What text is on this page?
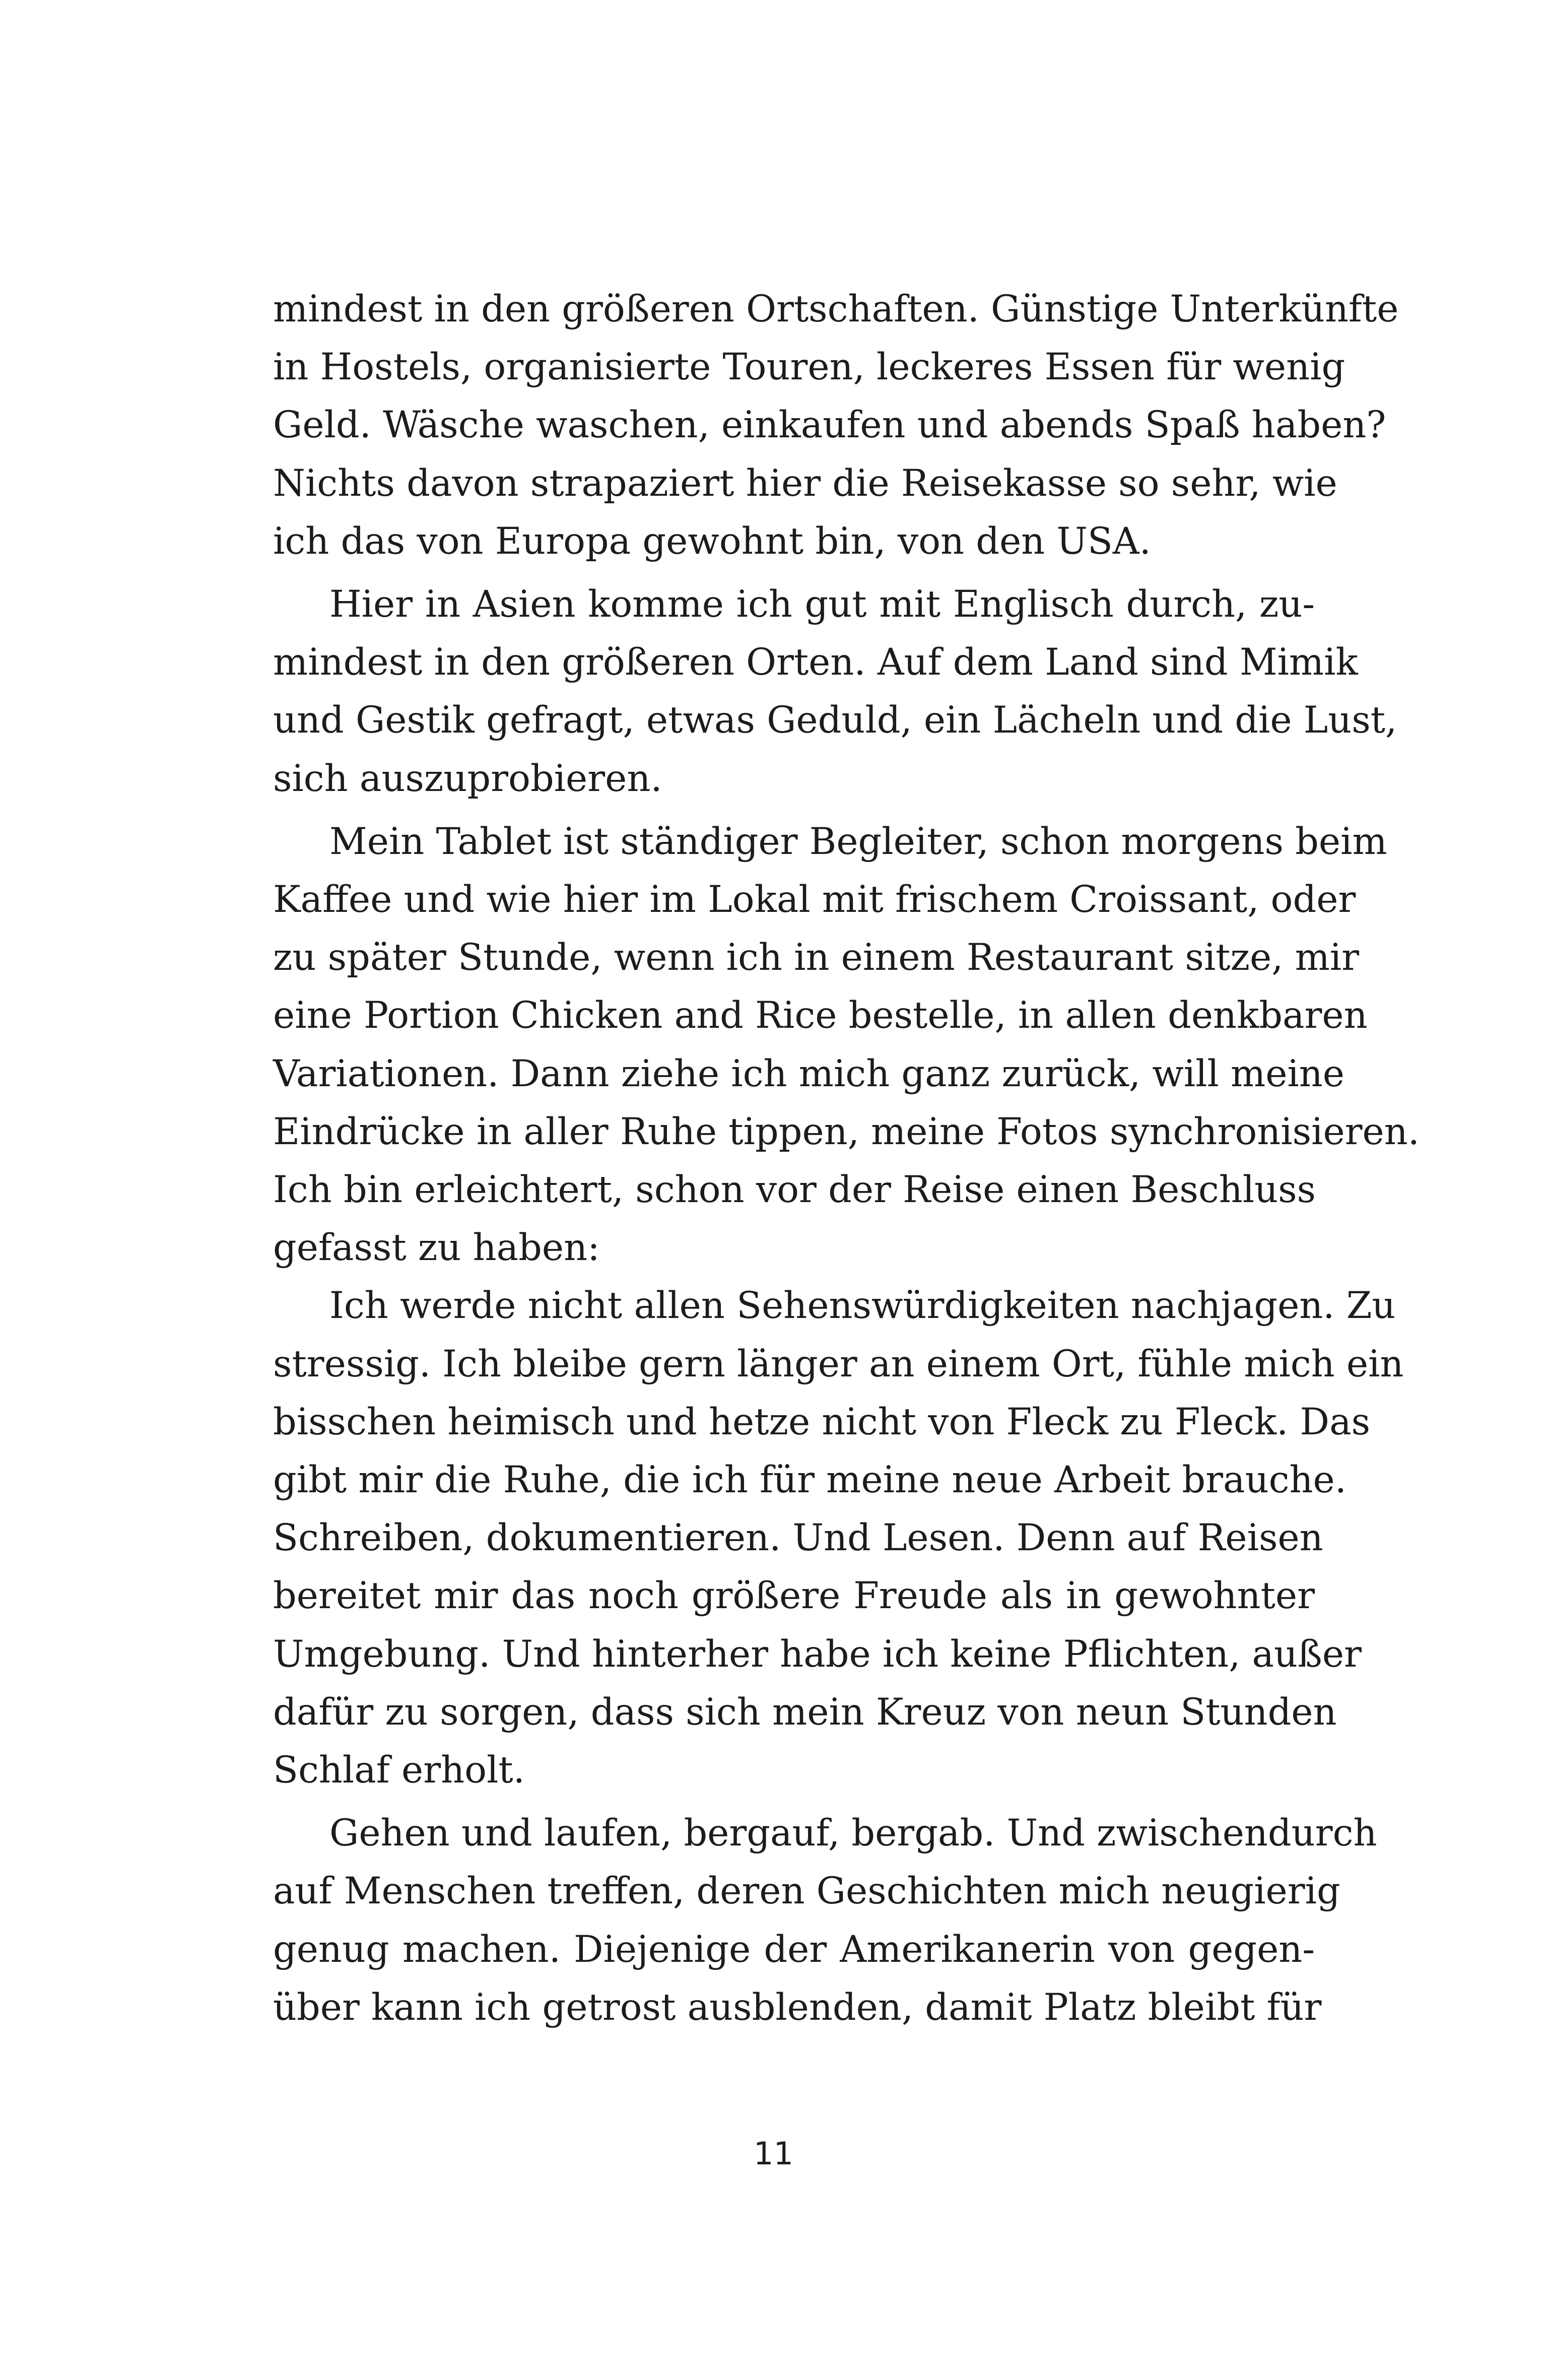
mindest in den größeren Ortschaften. Günstige Unterkünfte
in Hostels, organisierte Touren, leckeres Essen für wenig
Geld. Wäsche waschen, einkaufen und abends Spaß haben?
Nichts davon strapaziert hier die Reisekasse so sehr, wie
ich das von Europa gewohnt bin, von den USA.

Hier in Asien komme ich gut mit Englisch durch, zu-
mindest in den größeren Orten. Auf dem Land sind Mimik
und Gestik gefragt, etwas Geduld, ein Lächeln und die Lust,
sich auszuprobieren.

Mein Tablet ist ständiger Begleiter, schon morgens beim
Kaffee und wie hier im Lokal mit frischem Croissant, oder
zu später Stunde, wenn ich in einem Restaurant sitze, mir
eine Portion Chicken and Rice bestelle, in allen denkbaren
Variationen. Dann ziehe ich mich ganz zurück, will meine
Eindrücke in aller Ruhe tippen, meine Fotos synchronisieren.
Ich bin erleichtert, schon vor der Reise einen Beschluss
gefasst zu haben:

Ich werde nicht allen Sehenswürdigkeiten nachjagen. Zu
stressig. Ich bleibe gern länger an einem Ort, fühle mich ein
bisschen heimisch und hetze nicht von Fleck zu Fleck. Das
gibt mir die Ruhe, die ich für meine neue Arbeit brauche.
Schreiben, dokumentieren. Und Lesen. Denn auf Reisen
bereitet mir das noch größere Freude als in gewohnter
Umgebung. Und hinterher habe ich keine Pflichten, außer
dafür zu sorgen, dass sich mein Kreuz von neun Stunden
Schlaf erholt.

Gehen und laufen, bergauf, bergab. Und zwischendurch
auf Menschen treffen, deren Geschichten mich neugierig
genug machen. Diejenige der Amerikanerin von gegen-
über kann ich getrost ausblenden, damit Platz bleibt für

11
